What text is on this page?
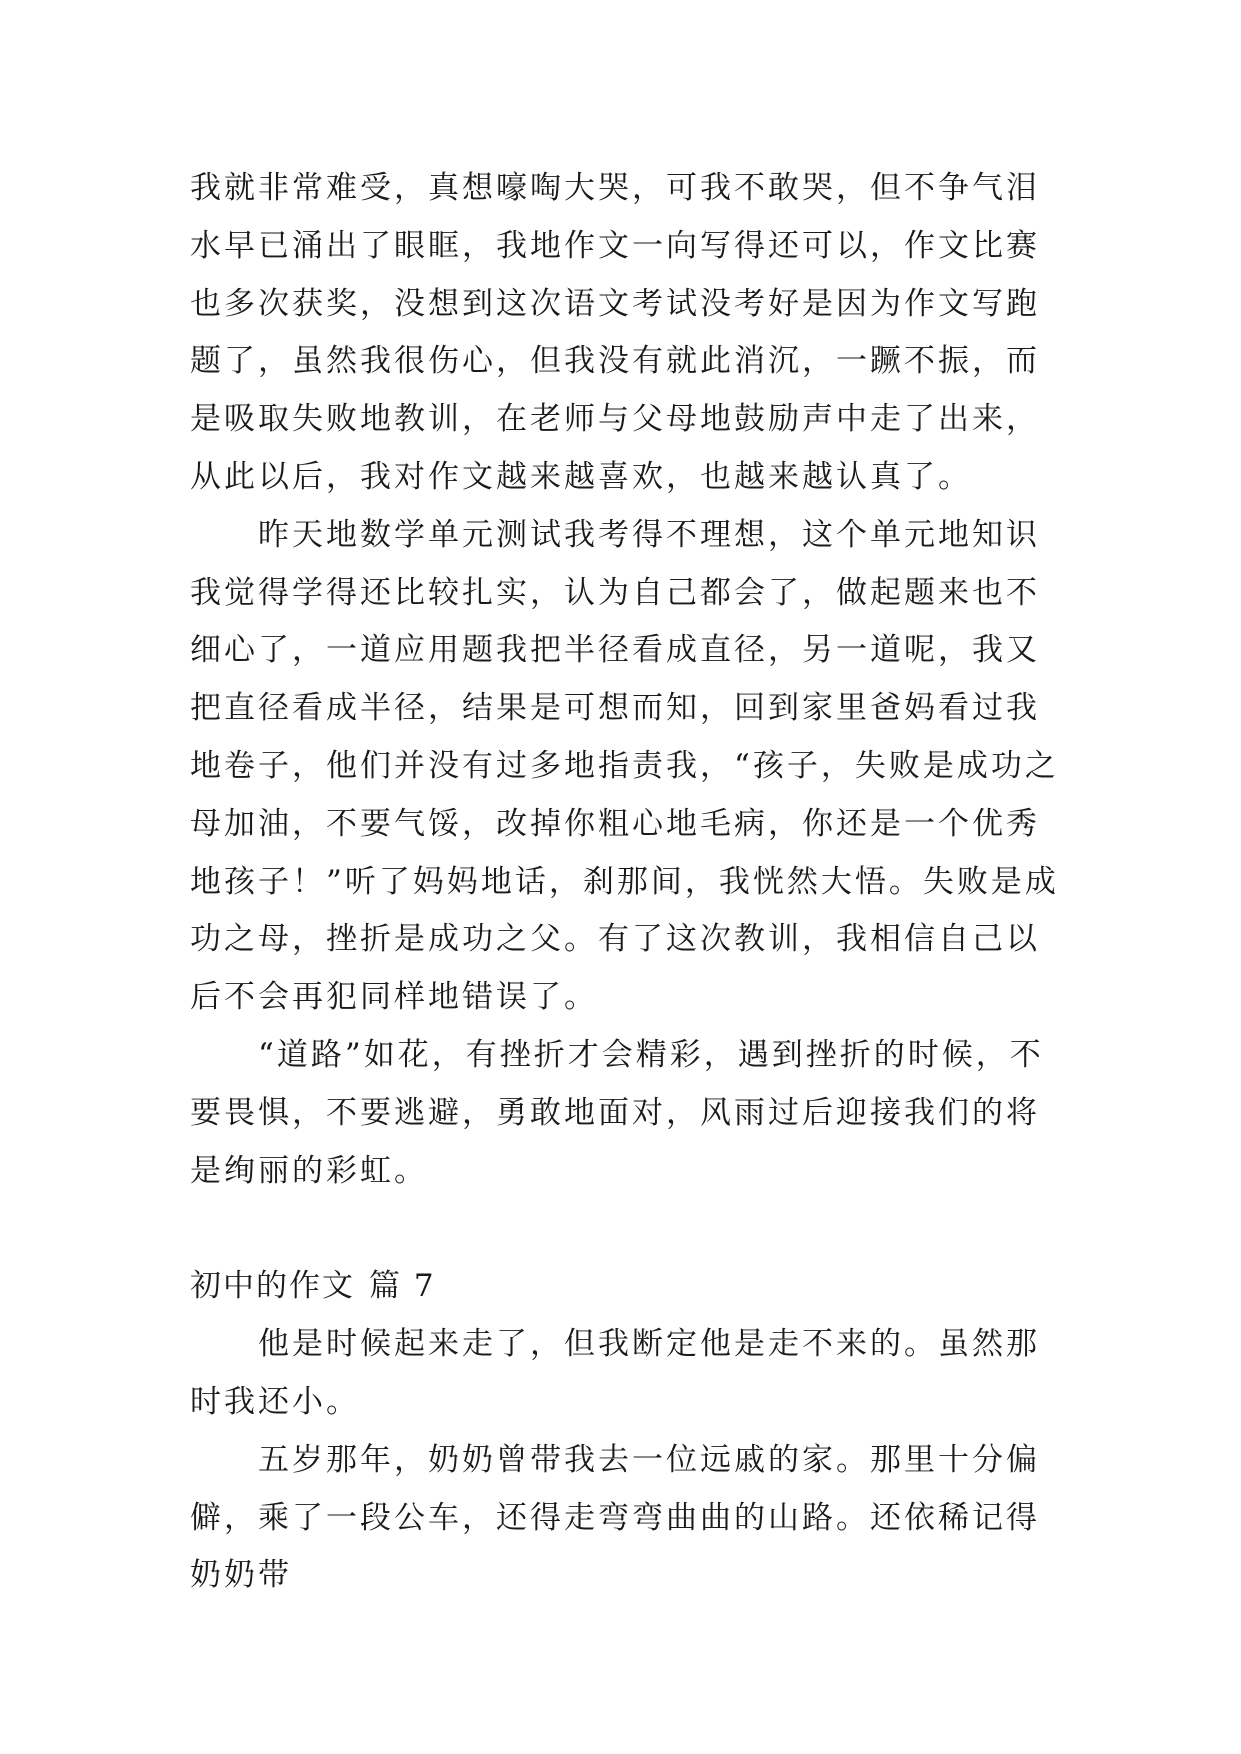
我就非常难受，真想嚎啕大哭，可我不敢哭，但不争气泪水早已涌出了眼眶，我地作文一向写得还可以，作文比赛也多次获奖，没想到这次语文考试没考好是因为作文写跑题了，虽然我很伤心，但我没有就此消沉，一蹶不振，而是吸取失败地教训，在老师与父母地鼓励声中走了出来，从此以后，我对作文越来越喜欢，也越来越认真了。

昨天地数学单元测试我考得不理想，这个单元地知识我觉得学得还比较扎实，认为自己都会了，做起题来也不细心了，一道应用题我把半径看成直径，另一道呢，我又把直径看成半径，结果是可想而知，回到家里爸妈看过我地卷子，他们并没有过多地指责我，“孩子，失败是成功之母加油，不要气馁，改掉你粗心地毛病，你还是一个优秀地孩子！”听了妈妈地话，刹那间，我恍然大悟。失败是成功之母，挫折是成功之父。有了这次教训，我相信自己以后不会再犯同样地错误了。

“道路”如花，有挫折才会精彩，遇到挫折的时候，不要畏惧，不要逃避，勇敢地面对，风雨过后迎接我们的将是绚丽的彩虹。

初中的作文 篇 7

他是时候起来走了，但我断定他是走不来的。虽然那时我还小。

五岁那年，奶奶曾带我去一位远戚的家。那里十分偏僻，乘了一段公车，还得走弯弯曲曲的山路。还依稀记得奶奶带
